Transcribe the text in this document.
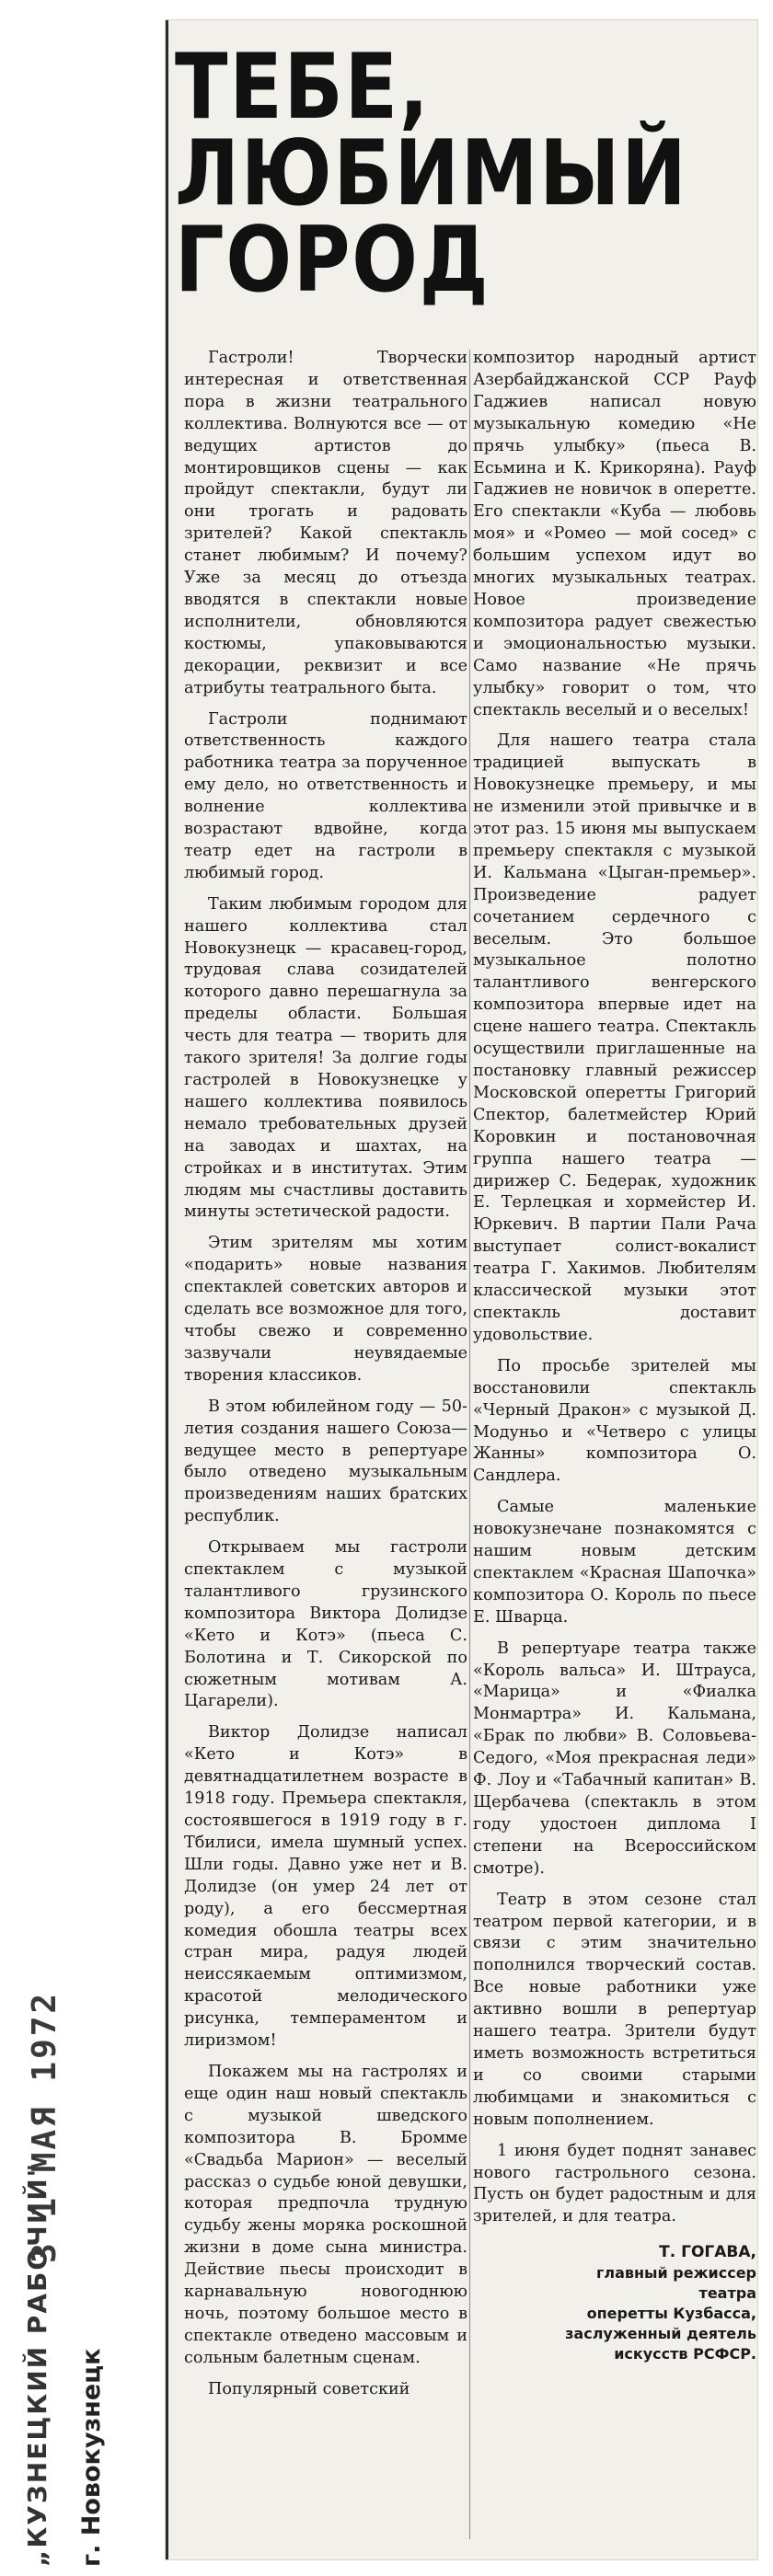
ТЕБЕ,
ЛЮБИМЫЙ
ГОРОД

Гастроли! Творчески интересная и ответственная пора в жизни театрального коллектива. Волнуются все — от ведущих артистов до монтировщиков сцены — как пройдут спектакли, будут ли они трогать и радовать зрителей? Какой спектакль станет любимым? И почему? Уже за месяц до отъезда вводятся в спектакли новые исполнители, обновляются костюмы, упаковываются декорации, реквизит и все атрибуты театрального быта.

Гастроли поднимают ответственность каждого работника театра за порученное ему дело, но ответственность и волнение коллектива возрастают вдвойне, когда театр едет на гастроли в любимый город.

Таким любимым городом для нашего коллектива стал Новокузнецк — красавец-город, трудовая слава созидателей которого давно перешагнула за пределы области. Большая честь для театра — творить для такого зрителя! За долгие годы гастролей в Новокузнецке у нашего коллектива появилось немало требовательных друзей на заводах и шахтах, на стройках и в институтах. Этим людям мы счастливы доставить минуты эстетической радости.

Этим зрителям мы хотим «подарить» новые названия спектаклей советских авторов и сделать все возможное для того, чтобы свежо и современно зазвучали неувядаемые творения классиков.

В этом юбилейном году — 50-летия создания нашего Союза—ведущее место в репертуаре было отведено музыкальным произведениям наших братских республик.

Открываем мы гастроли спектаклем с музыкой талантливого грузинского композитора Виктора Долидзе «Кето и Котэ» (пьеса С. Болотина и Т. Сикорской по сюжетным мотивам А. Цагарели).

Виктор Долидзе написал «Кето и Котэ» в девятнадцатилетнем возрасте в 1918 году. Премьера спектакля, состоявшегося в 1919 году в г. Тбилиси, имела шумный успех. Шли годы. Давно уже нет и В. Долидзе (он умер 24 лет от роду), а его бессмертная комедия обошла театры всех стран мира, радуя людей неиссякаемым оптимизмом, красотой мелодического рисунка, темпераментом и лиризмом!

Покажем мы на гастролях и еще один наш новый спектакль с музыкой шведского композитора В. Бромме «Свадьба Марион» — веселый рассказ о судьбе юной девушки, которая предпочла трудную судьбу жены моряка роскошной жизни в доме сына министра. Действие пьесы происходит в карнавальную новогоднюю ночь, поэтому большое место в спектакле отведено массовым и сольным балетным сценам.

Популярный советский

композитор народный артист Азербайджанской ССР Рауф Гаджиев написал новую музыкальную комедию «Не прячь улыбку» (пьеса В. Есьмина и К. Крикоряна). Рауф Гаджиев не новичок в оперетте. Его спектакли «Куба — любовь моя» и «Ромео — мой сосед» с большим успехом идут во многих музыкальных театрах. Новое произведение композитора радует свежестью и эмоциональностью музыки. Само название «Не прячь улыбку» говорит о том, что спектакль веселый и о веселых!

Для нашего театра стала традицией выпускать в Новокузнецке премьеру, и мы не изменили этой привычке и в этот раз. 15 июня мы выпускаем премьеру спектакля с музыкой И. Кальмана «Цыган-премьер». Произведение радует сочетанием сердечного с веселым. Это большое музыкальное полотно талантливого венгерского композитора впервые идет на сцене нашего театра. Спектакль осуществили приглашенные на постановку главный режиссер Московской оперетты Григорий Спектор, балетмейстер Юрий Коровкин и постановочная группа нашего театра — дирижер С. Бедерак, художник Е. Терлецкая и хормейстер И. Юркевич. В партии Пали Рача выступает солист-вокалист театра Г. Хакимов. Любителям классической музыки этот спектакль доставит удовольствие.

По просьбе зрителей мы восстановили спектакль «Черный Дракон» с музыкой Д. Модуньо и «Четверо с улицы Жанны» композитора О. Сандлера.

Самые маленькие новокузнечане познакомятся с нашим новым детским спектаклем «Красная Шапочка» композитора О. Король по пьесе Е. Шварца.

В репертуаре театра также «Король вальса» И. Штрауса, «Марица» и «Фиалка Монмартра» И. Кальмана, «Брак по любви» В. Соловьева-Седого, «Моя прекрасная леди» Ф. Лоу и «Табачный капитан» В. Щербачева (спектакль в этом году удостоен диплома I степени на Всероссийском смотре).

Театр в этом сезоне стал театром первой категории, и в связи с этим значительно пополнился творческий состав. Все новые работники уже активно вошли в репертуар нашего театра. Зрители будут иметь возможность встретиться и со своими старыми любимцами и знакомиться с новым пополнением.

1 июня будет поднят занавес нового гастрольного сезона. Пусть он будет радостным и для зрителей, и для театра.

Т. ГОГАВА,
главный режиссер
театра
оперетты Кузбасса,
заслуженный деятель
искусств РСФСР.
„КУЗНЕЦКИЙ РАБОЧИЙ"
3 1 МАЯ 1972
г. Новокузнецк
